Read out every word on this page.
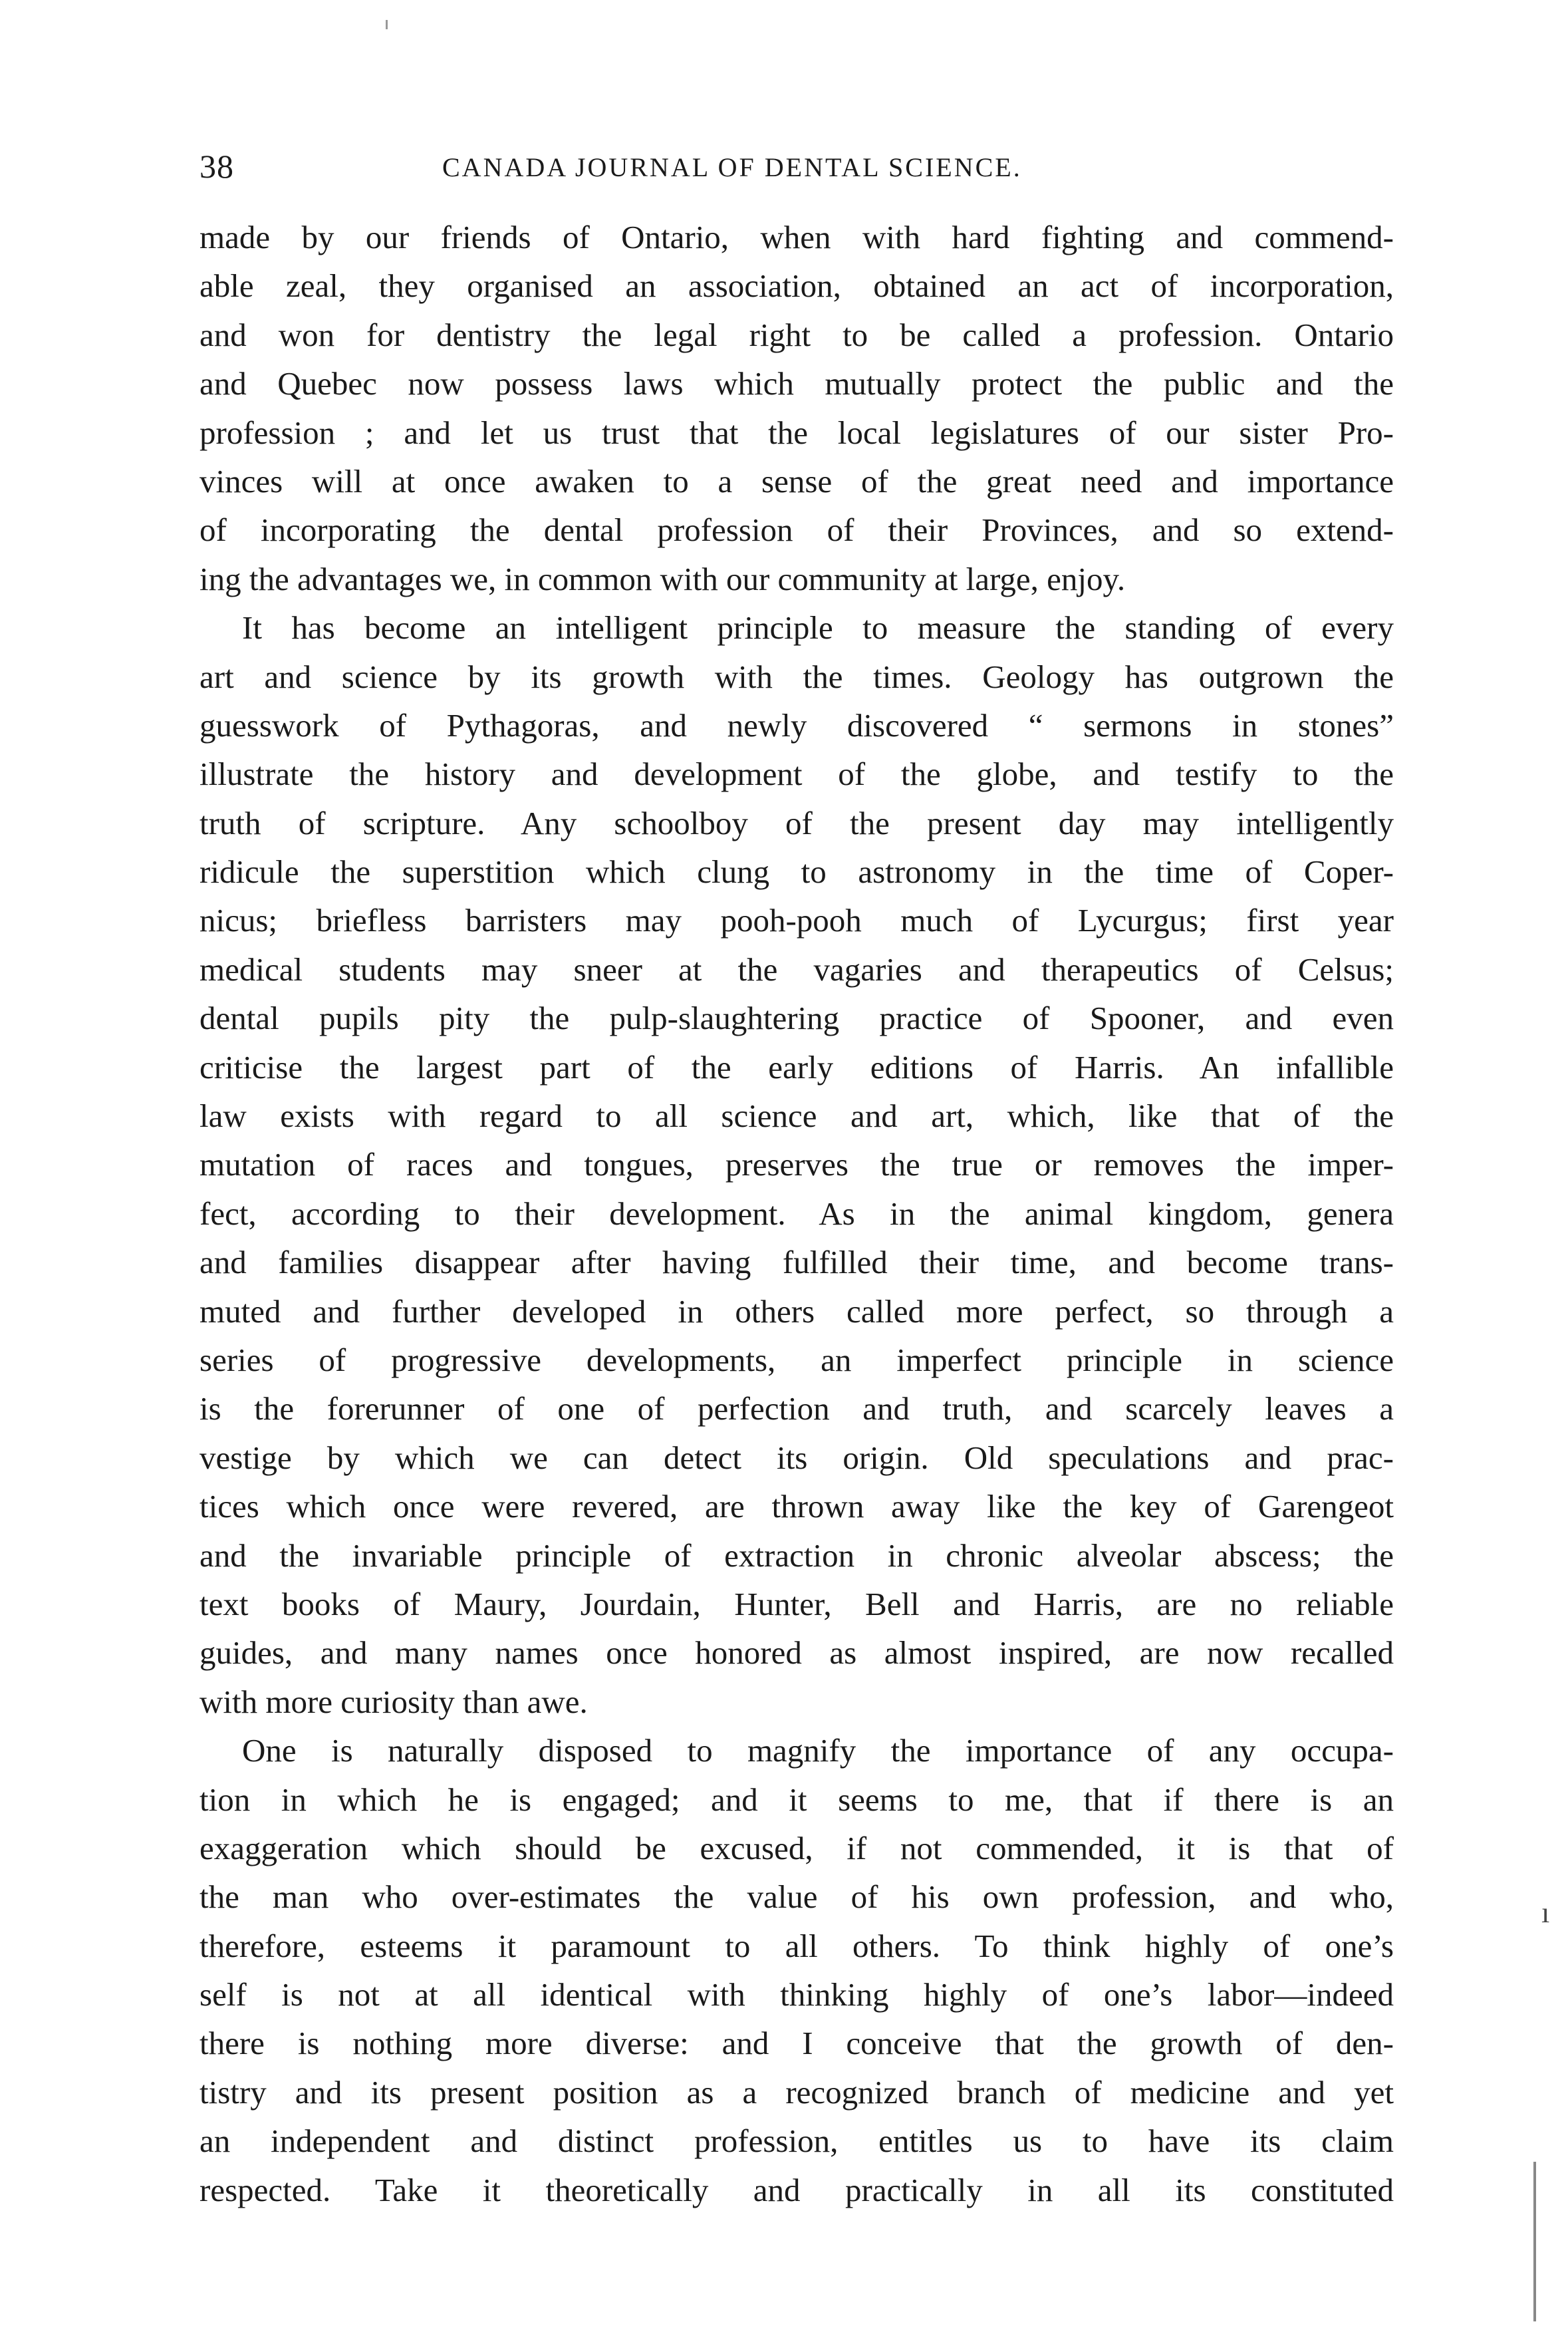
38	CANADA JOURNAL OF DENTAL SCIENCE.
made by our friends of Ontario, when with hard fighting and commend-
able zeal, they organised an association, obtained an act of incorporation,
and won for dentistry the legal right to be called a profession. Ontario
and Quebec now possess laws which mutually protect the public and the
profession ; and let us trust that the local legislatures of our sister Pro-
vinces will at once awaken to a sense of the great need and importance
of incorporating the dental profession of their Provinces, and so extend-
ing the advantages we, in common with our community at large, enjoy.
It has become an intelligent principle to measure the standing of every
art and science by its growth with the times. Geology has outgrown the
guesswork of Pythagoras, and newly discovered “ sermons in stones”
illustrate the history and development of the globe, and testify to the
truth of scripture. Any schoolboy of the present day may intelligently
ridicule the superstition which clung to astronomy in the time of Coper-
nicus; briefless barristers may pooh-pooh much of Lycurgus; first year
medical students may sneer at the vagaries and therapeutics of Celsus;
dental pupils pity the pulp-slaughtering practice of Spooner, and even
criticise the largest part of the early editions of Harris. An infallible
law exists with regard to all science and art, which, like that of the
mutation of races and tongues, preserves the true or removes the imper-
fect, according to their development. As in the animal kingdom, genera
and families disappear after having fulfilled their time, and become trans-
muted and further developed in others called more perfect, so through a
series of progressive developments, an imperfect principle in science
is the forerunner of one of perfection and truth, and scarcely leaves a
vestige by which we can detect its origin. Old speculations and prac-
tices which once were revered, are thrown away like the key of Garengeot
and the invariable principle of extraction in chronic alveolar abscess; the
text books of Maury, Jourdain, Hunter, Bell and Harris, are no reliable
guides, and many names once honored as almost inspired, are now recalled
with more curiosity than awe.
One is naturally disposed to magnify the importance of any occupa-
tion in which he is engaged; and it seems to me, that if there is an
exaggeration which should be excused, if not commended, it is that of
the man who over-estimates the value of his own profession, and who,
therefore, esteems it paramount to all others. To think highly of one’s
self is not at all identical with thinking highly of one’s labor—indeed
there is nothing more diverse: and I conceive that the growth of den-
tistry and its present position as a recognized branch of medicine and yet
an independent and distinct profession, entitles us to have its claim
respected. Take it theoretically and practically in all its constituted
ı
